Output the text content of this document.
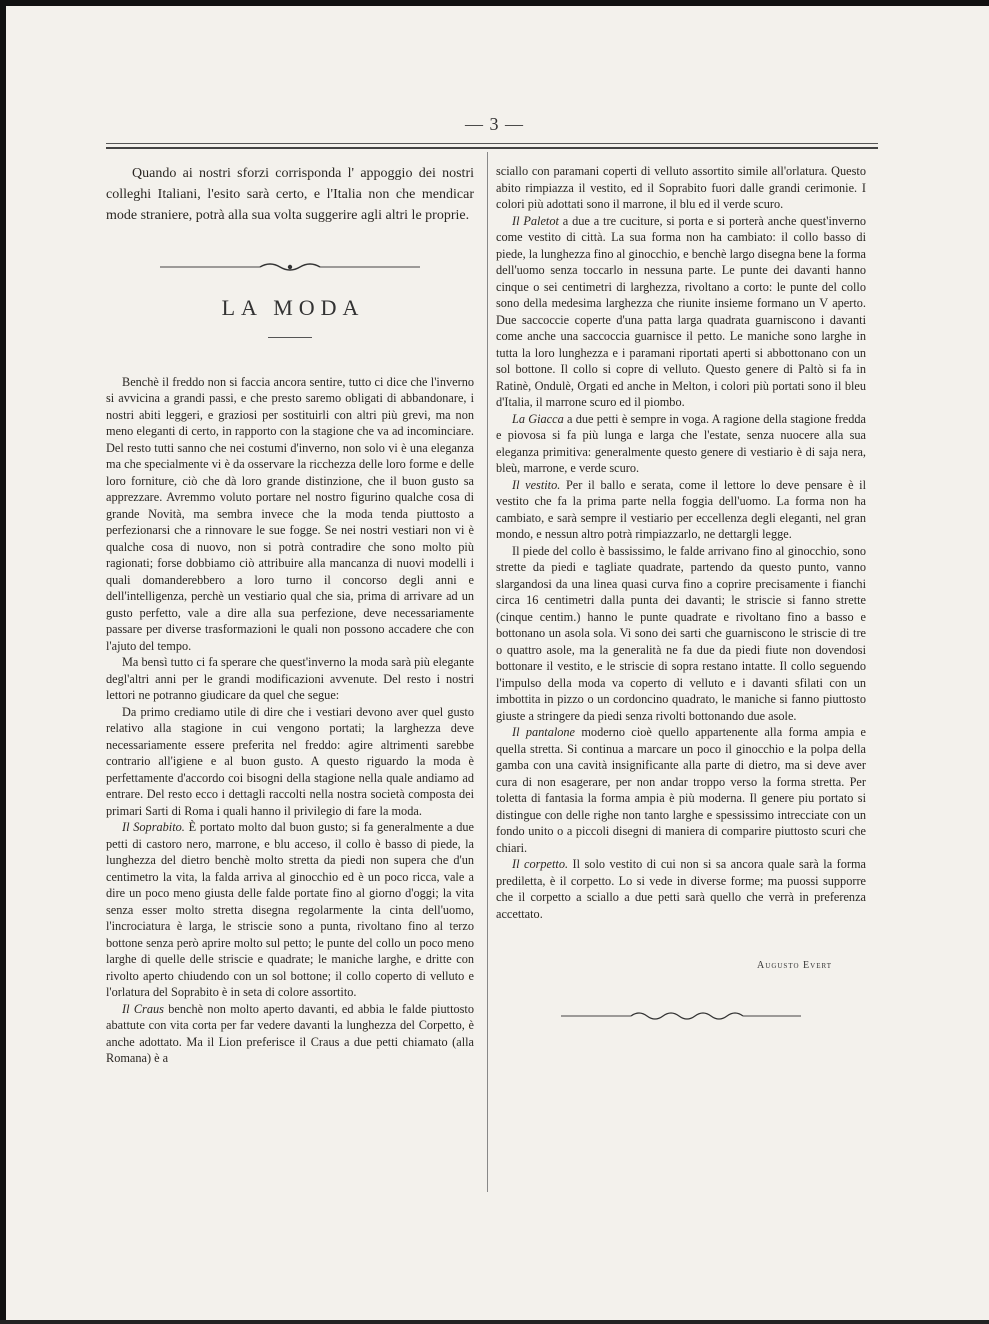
— 3 —

Quando ai nostri sforzi corrisponda l' appoggio dei nostri colleghi Italiani, l'esito sarà certo, e l'Italia non che mendicar mode straniere, potrà alla sua volta suggerire agli altri le proprie.

LA MODA

Benchè il freddo non si faccia ancora sentire, tutto ci dice che l'inverno si avvicina a grandi passi, e che presto saremo obligati di abbandonare, i nostri abiti leggeri, e graziosi per sostituirli con altri più grevi, ma non meno eleganti di certo, in rapporto con la stagione che va ad incominciare. Del resto tutti sanno che nei costumi d'inverno, non solo vi è una eleganza ma che specialmente vi è da osservare la ricchezza delle loro forme e delle loro forniture, ciò che dà loro grande distinzione, che il buon gusto sa apprezzare. Avremmo voluto portare nel nostro figurino qualche cosa di grande Novità, ma sembra invece che la moda tenda piuttosto a perfezionarsi che a rinnovare le sue fogge. Se nei nostri vestiari non vi è qualche cosa di nuovo, non si potrà contradire che sono molto più ragionati; forse dobbiamo ciò attribuire alla mancanza di nuovi modelli i quali domanderebbero a loro turno il concorso degli anni e dell'intelligenza, perchè un vestiario qual che sia, prima di arrivare ad un gusto perfetto, vale a dire alla sua perfezione, deve necessariamente passare per diverse trasformazioni le quali non possono accadere che con l'ajuto del tempo.

Ma bensì tutto ci fa sperare che quest'inverno la moda sarà più elegante degl'altri anni per le grandi modificazioni avvenute. Del resto i nostri lettori ne potranno giudicare da quel che segue:

Da primo crediamo utile di dire che i vestiari devono aver quel gusto relativo alla stagione in cui vengono portati; la larghezza deve necessariamente essere preferita nel freddo: agire altrimenti sarebbe contrario all'igiene e al buon gusto. A questo riguardo la moda è perfettamente d'accordo coi bisogni della stagione nella quale andiamo ad entrare. Del resto ecco i dettagli raccolti nella nostra società composta dei primari Sarti di Roma i quali hanno il privilegio di fare la moda.

Il Soprabito. È portato molto dal buon gusto; si fa generalmente a due petti di castoro nero, marrone, e blu acceso, il collo è basso di piede, la lunghezza del dietro benchè molto stretta da piedi non supera che d'un centimetro la vita, la falda arriva al ginocchio ed è un poco ricca, vale a dire un poco meno giusta delle falde portate fino al giorno d'oggi; la vita senza esser molto stretta disegna regolarmente la cinta dell'uomo, l'incrociatura è larga, le striscie sono a punta, rivoltano fino al terzo bottone senza però aprire molto sul petto; le punte del collo un poco meno larghe di quelle delle striscie e quadrate; le maniche larghe, e dritte con rivolto aperto chiudendo con un sol bottone; il collo coperto di velluto e l'orlatura del Soprabito è in seta di colore assortito.

Il Craus benchè non molto aperto davanti, ed abbia le falde piuttosto abattute con vita corta per far vedere davanti la lunghezza del Corpetto, è anche adottato. Ma il Lion preferisce il Craus a due petti chiamato (alla Romana) è a

sciallo con paramani coperti di velluto assortito simile all'orlatura. Questo abito rimpiazza il vestito, ed il Soprabito fuori dalle grandi cerimonie. I colori più adottati sono il marrone, il blu ed il verde scuro.

Il Paletot a due a tre cuciture, si porta e si porterà anche quest'inverno come vestito di città. La sua forma non ha cambiato: il collo basso di piede, la lunghezza fino al ginocchio, e benchè largo disegna bene la forma dell'uomo senza toccarlo in nessuna parte. Le punte dei davanti hanno cinque o sei centimetri di larghezza, rivoltano a corto: le punte del collo sono della medesima larghezza che riunite insieme formano un V aperto. Due saccoccie coperte d'una patta larga quadrata guarniscono i davanti come anche una saccoccia guarnisce il petto. Le maniche sono larghe in tutta la loro lunghezza e i paramani riportati aperti si abbottonano con un sol bottone. Il collo si copre di velluto. Questo genere di Paltò si fa in Ratinè, Ondulè, Orgati ed anche in Melton, i colori più portati sono il bleu d'Italia, il marrone scuro ed il piombo.

La Giacca a due petti è sempre in voga. A ragione della stagione fredda e piovosa si fa più lunga e larga che l'estate, senza nuocere alla sua eleganza primitiva: generalmente questo genere di vestiario è di saja nera, bleù, marrone, e verde scuro.

Il vestito. Per il ballo e serata, come il lettore lo deve pensare è il vestito che fa la prima parte nella foggia dell'uomo. La forma non ha cambiato, e sarà sempre il vestiario per eccellenza degli eleganti, nel gran mondo, e nessun altro potrà rimpiazzarlo, ne dettargli legge.

Il piede del collo è bassissimo, le falde arrivano fino al ginocchio, sono strette da piedi e tagliate quadrate, partendo da questo punto, vanno slargandosi da una linea quasi curva fino a coprire precisamente i fianchi circa 16 centimetri dalla punta dei davanti; le striscie si fanno strette (cinque centim.) hanno le punte quadrate e rivoltano fino a basso e bottonano un asola sola. Vi sono dei sarti che guarniscono le striscie di tre o quattro asole, ma la generalità ne fa due da piedi fiute non dovendosi bottonare il vestito, e le striscie di sopra restano intatte. Il collo seguendo l'impulso della moda va coperto di velluto e i davanti sfilati con un imbottita in pizzo o un cordoncino quadrato, le maniche si fanno piuttosto giuste a stringere da piedi senza rivolti bottonando due asole.

Il pantalone moderno cioè quello appartenente alla forma ampia e quella stretta. Si continua a marcare un poco il ginocchio e la polpa della gamba con una cavità insignificante alla parte di dietro, ma si deve aver cura di non esagerare, per non andar troppo verso la forma stretta. Per toletta di fantasia la forma ampia è più moderna. Il genere piu portato si distingue con delle righe non tanto larghe e spessissimo intrecciate con un fondo unito o a piccoli disegni di maniera di comparire piuttosto scuri che chiari.

Il corpetto. Il solo vestito di cui non si sa ancora quale sarà la forma prediletta, è il corpetto. Lo si vede in diverse forme; ma puossi supporre che il corpetto a sciallo a due petti sarà quello che verrà in preferenza accettato.

Augusto Evert
